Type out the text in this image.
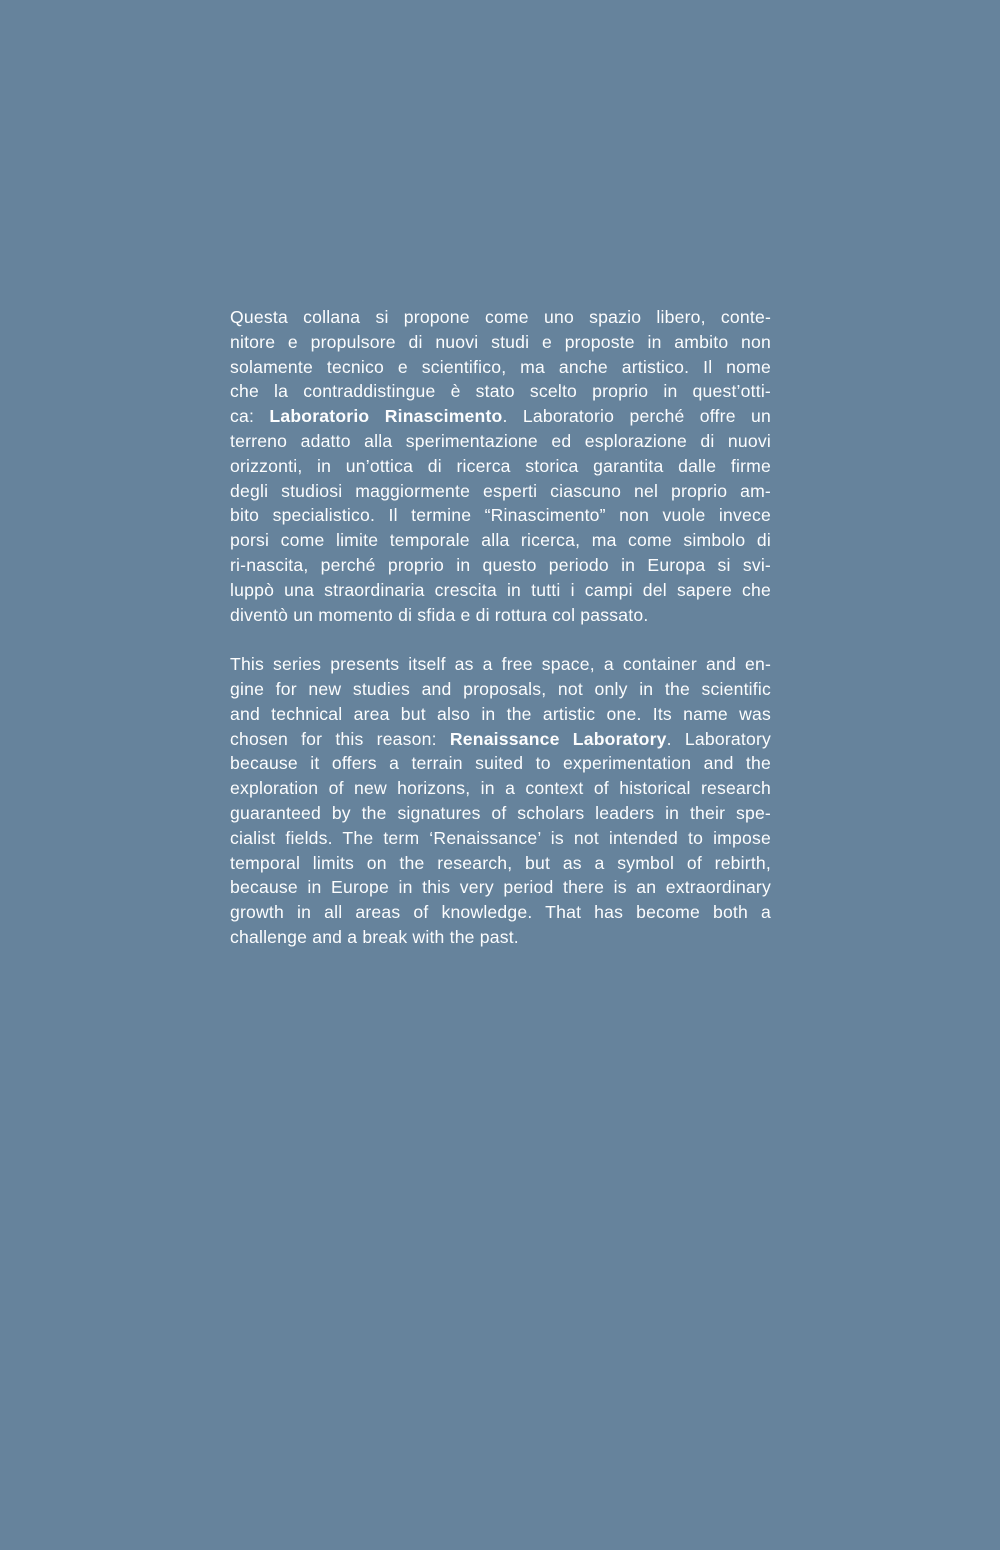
Questa collana si propone come uno spazio libero, conte-
nitore e propulsore di nuovi studi e proposte in ambito non
solamente tecnico e scientifico, ma anche artistico. Il nome
che la contraddistingue è stato scelto proprio in quest’otti-
ca: Laboratorio Rinascimento. Laboratorio perché offre un
terreno adatto alla sperimentazione ed esplorazione di nuovi
orizzonti, in un’ottica di ricerca storica garantita dalle firme
degli studiosi maggiormente esperti ciascuno nel proprio am-
bito specialistico. Il termine “Rinascimento” non vuole invece
porsi come limite temporale alla ricerca, ma come simbolo di
ri-nascita, perché proprio in questo periodo in Europa si svi-
luppò una straordinaria crescita in tutti i campi del sapere che
diventò un momento di sfida e di rottura col passato.
This series presents itself as a free space, a container and en-
gine for new studies and proposals, not only in the scientific
and technical area but also in the artistic one. Its name was
chosen for this reason: Renaissance Laboratory. Laboratory
because it offers a terrain suited to experimentation and the
exploration of new horizons, in a context of historical research
guaranteed by the signatures of scholars leaders in their spe-
cialist fields. The term ‘Renaissance’ is not intended to impose
temporal limits on the research, but as a symbol of rebirth,
because in Europe in this very period there is an extraordinary
growth in all areas of knowledge. That has become both a
challenge and a break with the past.
